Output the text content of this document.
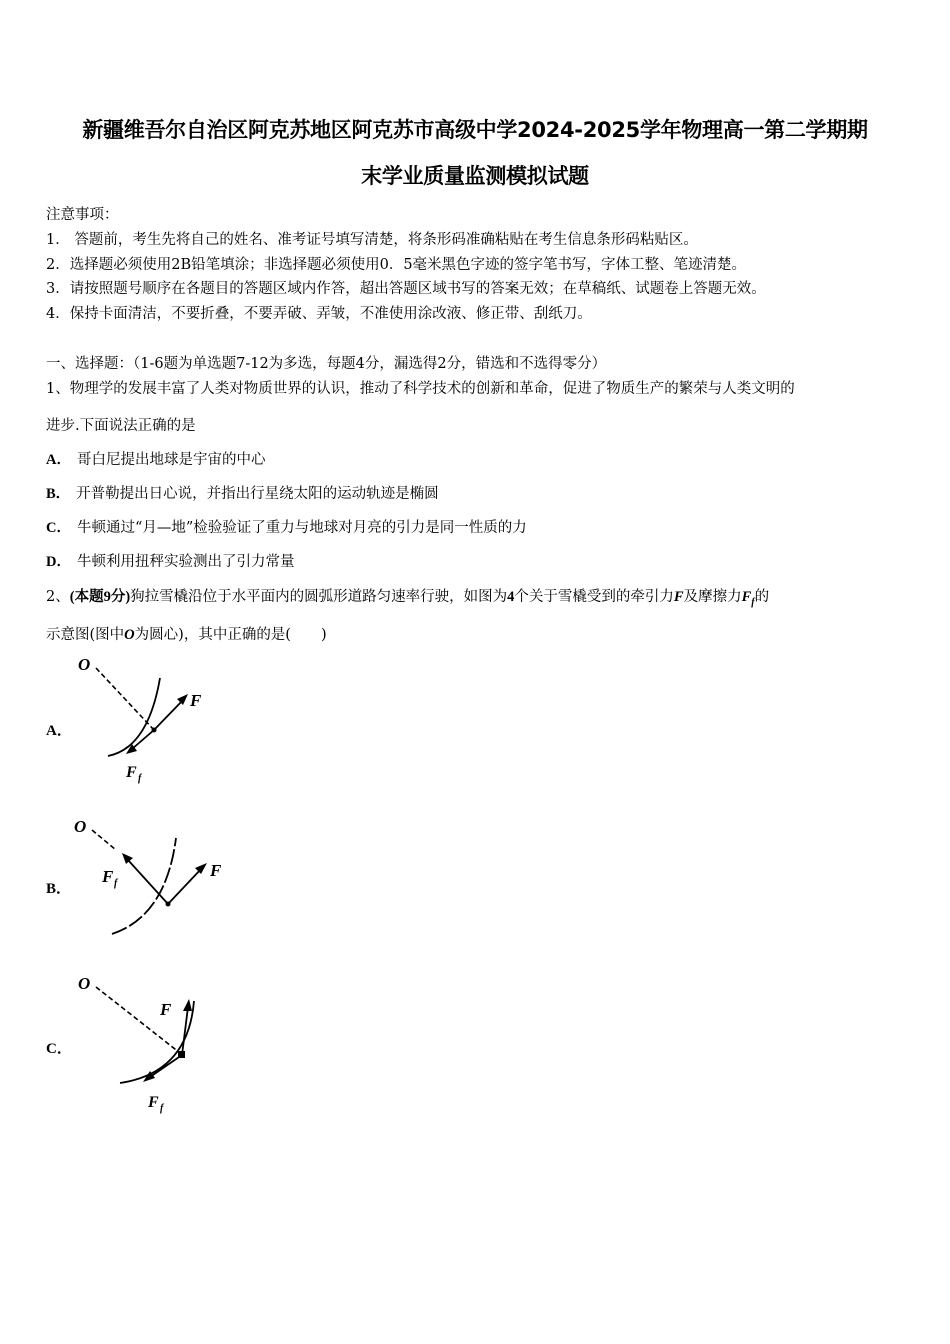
新疆维吾尔自治区阿克苏地区阿克苏市高级中学2024-2025学年物理高一第二学期期
末学业质量监测模拟试题
注意事项：
1． 答题前，考生先将自己的姓名、准考证号填写清楚，将条形码准确粘贴在考生信息条形码粘贴区。
2．选择题必须使用2B铅笔填涂；非选择题必须使用0．5毫米黑色字迹的签字笔书写，字体工整、笔迹清楚。
3．请按照题号顺序在各题目的答题区域内作答，超出答题区域书写的答案无效；在草稿纸、试题卷上答题无效。
4．保持卡面清洁，不要折叠，不要弄破、弄皱，不准使用涂改液、修正带、刮纸刀。
一、选择题：（1-6题为单选题7-12为多选，每题4分，漏选得2分，错选和不选得零分）
1、物理学的发展丰富了人类对物质世界的认识，推动了科学技术的创新和革命，促进了物质生产的繁荣与人类文明的
进步.下面说法正确的是
A． 哥白尼提出地球是宇宙的中心
B． 开普勒提出日心说，并指出行星绕太阳的运动轨迹是椭圆
C． 牛顿通过“月—地”检验验证了重力与地球对月亮的引力是同一性质的力
D． 牛顿利用扭秤实验测出了引力常量
2、(本题9分)狗拉雪橇沿位于水平面内的圆弧形道路匀速率行驶，如图为4个关于雪橇受到的牵引力F及摩擦力$F_f$的
示意图(图中O为圆心)，其中正确的是( )
A．
O
F
F f
B．
O
F f
F
C．
O
F
F f
